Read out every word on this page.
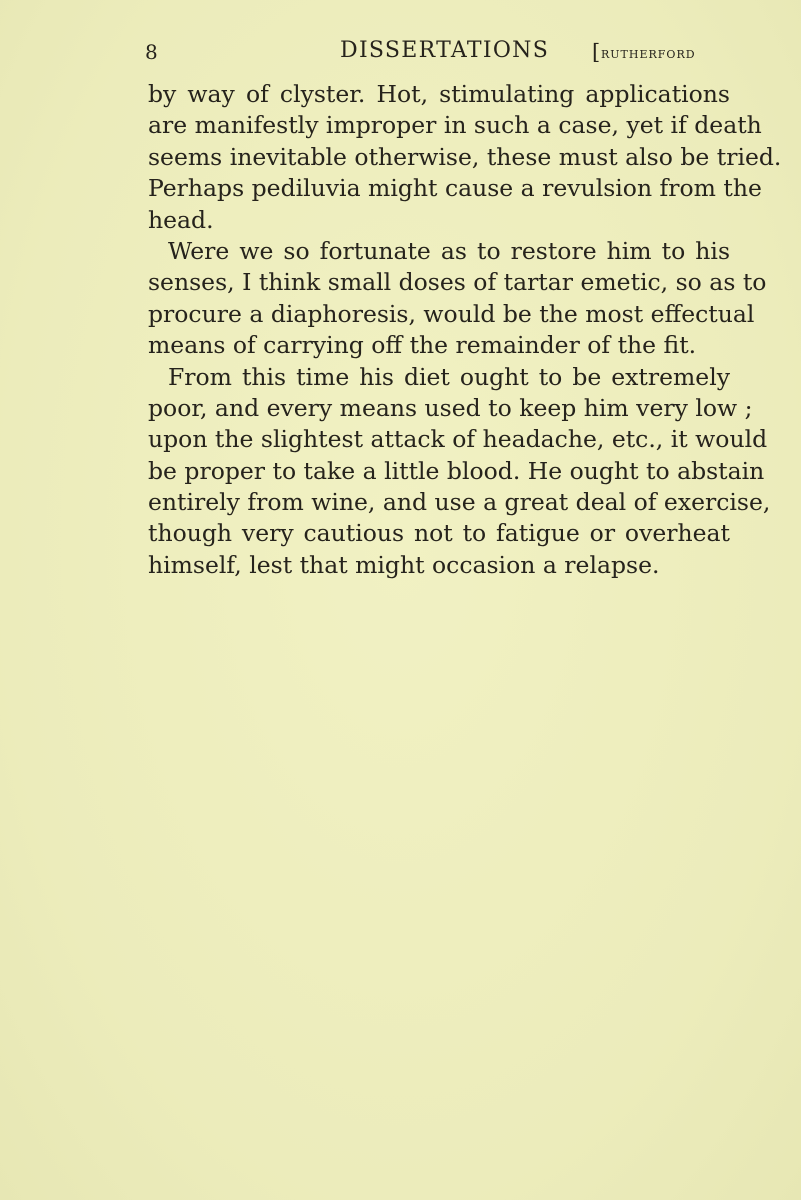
8	DISSERTATIONS [rutherford
by way of clyster. Hot, stimulating applications
are manifestly improper in such a case, yet if death
seems inevitable otherwise, these must also be tried.
Perhaps pediluvia might cause a revulsion from the
head.
Were we so fortunate as to restore him to his
senses, I think small doses of tartar emetic, so as to
procure a diaphoresis, would be the most effectual
means of carrying off the remainder of the fit.
From this time his diet ought to be extremely
poor, and every means used to keep him very low ;
upon the slightest attack of headache, etc., it would
be proper to take a little blood. He ought to abstain
entirely from wine, and use a great deal of exercise,
though very cautious not to fatigue or overheat
himself, lest that might occasion a relapse.
